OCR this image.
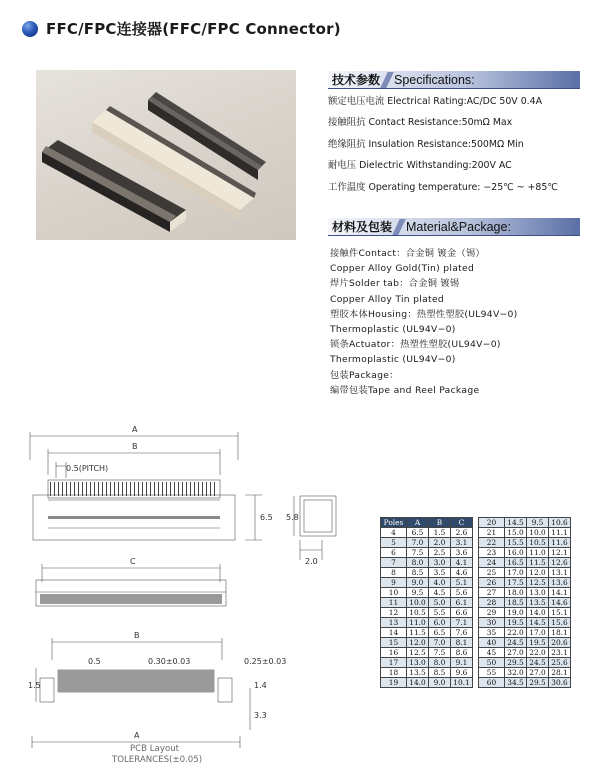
FFC/FPC连接器(FFC/FPC Connector)
技术参数 Specifications:
额定电压电流 Electrical Rating:AC/DC 50V 0.4A
接触阻抗 Contact Resistance:50mΩ Max
绝缘阻抗 Insulation Resistance:500MΩ Min
耐电压 Dielectric Withstanding:200V AC
工作温度 Operating temperature: −25℃ ~ +85℃
材料及包装 Material&Package:
接触件Contact：合金铜 镀金（锡）
Copper Alloy Gold(Tin) plated
焊片Solder tab：合金铜 镀锡
Copper Alloy Tin plated
塑胶本体Housing：热塑性塑胶(UL94V−0)
Thermoplastic (UL94V−0)
锁条Actuator：热塑性塑胶(UL94V−0)
Thermoplastic (UL94V−0)
包装Package：
编带包装Tape and Reel Package
A
B
0.5(PITCH)
6.5 5.8
2.0
C
B
0.5	0.30±0.03	0.25±0.03
1.5	1.4
3.3
A
PCB Layout
TOLERANCES(±0.05)
Poles	A	B	C		20	14.5	9.5	10.6
4	6.5	1.5	2.6		21	15.0	10.0	11.1
5	7.0	2.0	3.1		22	15.5	10.5	11.6
6	7.5	2.5	3.6		23	16.0	11.0	12.1
7	8.0	3.0	4.1		24	16.5	11.5	12.6
8	8.5	3.5	4.6		25	17.0	12.0	13.1
9	9.0	4.0	5.1		26	17.5	12.5	13.6
10	9.5	4.5	5.6		27	18.0	13.0	14.1
11	10.0	5.0	6.1		28	18.5	13.5	14.6
12	10.5	5.5	6.6		29	19.0	14.0	15.1
13	11.0	6.0	7.1		30	19.5	14.5	15.6
14	11.5	6.5	7.6		35	22.0	17.0	18.1
15	12.0	7.0	8.1		40	24.5	19.5	20.6
16	12.5	7.5	8.6		45	27.0	22.0	23.1
17	13.0	8.0	9.1		50	29.5	24.5	25.6
18	13.5	8.5	9.6		55	32.0	27.0	28.1
19	14.0	9.0	10.1		60	34.5	29.5	30.6
